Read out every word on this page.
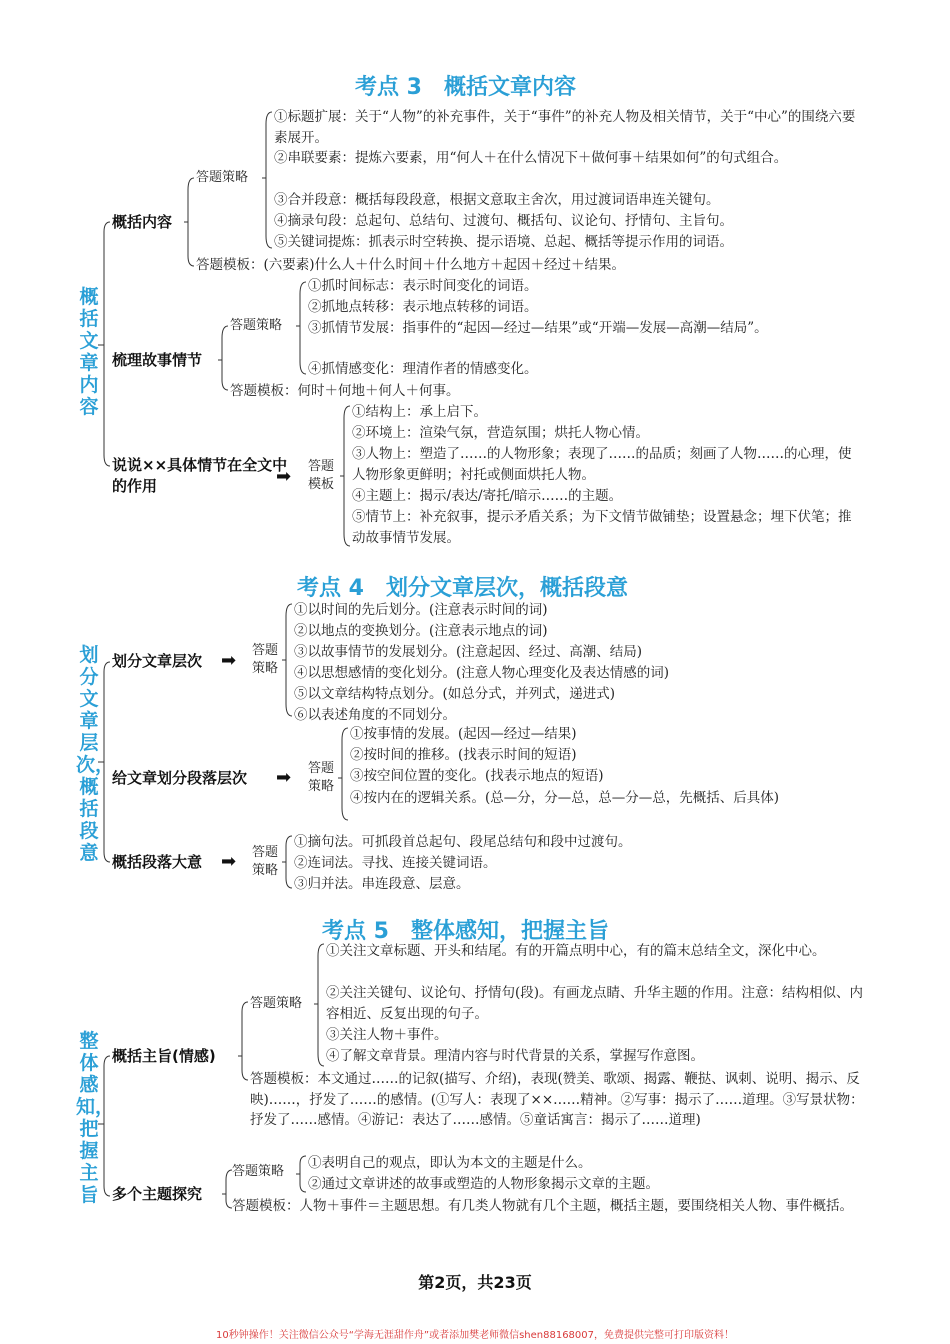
考点 3　概括文章内容
概括文章内容
概括内容
答题策略
①标题扩展：关于“人物”的补充事件，关于“事件”的补充人物及相关情节，关于“中心”的围绕六要素展开。
②串联要素：提炼六要素，用“何人＋在什么情况下＋做何事＋结果如何”的句式组合。
③合并段意：概括每段段意，根据文意取主舍次，用过渡词语串连关键句。
④摘录句段：总起句、总结句、过渡句、概括句、议论句、抒情句、主旨句。
⑤关键词提炼：抓表示时空转换、提示语境、总起、概括等提示作用的词语。
答题模板：(六要素)什么人＋什么时间＋什么地方＋起因＋经过＋结果。
梳理故事情节
答题策略
①抓时间标志：表示时间变化的词语。
②抓地点转移：表示地点转移的词语。
③抓情节发展：指事件的“起因—经过—结果”或“开端—发展—高潮—结局”。
④抓情感变化：理清作者的情感变化。
答题模板：何时＋何地＋何人＋何事。
说说××具体情节在全文中的作用	➡ 答题模板
①结构上：承上启下。
②环境上：渲染气氛，营造氛围；烘托人物心情。
③人物上：塑造了……的人物形象；表现了……的品质；刻画了人物……的心理，使人物形象更鲜明；衬托或侧面烘托人物。
④主题上：揭示/表达/寄托/暗示……的主题。
⑤情节上：补充叙事，提示矛盾关系；为下文情节做铺垫；设置悬念；埋下伏笔；推动故事情节发展。
考点 4　划分文章层次，概括段意
划分文章层次，概括段意
划分文章层次 ➡ 答题策略
①以时间的先后划分。(注意表示时间的词)
②以地点的变换划分。(注意表示地点的词)
③以故事情节的发展划分。(注意起因、经过、高潮、结局)
④以思想感情的变化划分。(注意人物心理变化及表达情感的词)
⑤以文章结构特点划分。(如总分式，并列式，递进式)
⑥以表述角度的不同划分。
给文章划分段落层次 ➡ 答题策略
①按事情的发展。(起因—经过—结果)
②按时间的推移。(找表示时间的短语)
③按空间位置的变化。(找表示地点的短语)
④按内在的逻辑关系。(总—分，分—总，总—分—总，先概括、后具体)
概括段落大意 ➡ 答题策略
①摘句法。可抓段首总起句、段尾总结句和段中过渡句。
②连词法。寻找、连接关键词语。
③归并法。串连段意、层意。
考点 5　整体感知，把握主旨
整体感知，把握主旨
概括主旨(情感)
答题策略
①关注文章标题、开头和结尾。有的开篇点明中心，有的篇末总结全文，深化中心。
②关注关键句、议论句、抒情句(段)。有画龙点睛、升华主题的作用。注意：结构相似、内容相近、反复出现的句子。
③关注人物＋事件。
④了解文章背景。理清内容与时代背景的关系，掌握写作意图。
答题模板：本文通过……的记叙(描写、介绍)，表现(赞美、歌颂、揭露、鞭挞、讽刺、说明、揭示、反映)……，抒发了……的感情。(①写人：表现了××……精神。②写事：揭示了……道理。③写景状物：抒发了……感情。④游记：表达了……感情。⑤童话寓言：揭示了……道理)
多个主题探究
答题策略
①表明自己的观点，即认为本文的主题是什么。
②通过文章讲述的故事或塑造的人物形象揭示文章的主题。
答题模板：人物＋事件＝主题思想。有几类人物就有几个主题，概括主题，要围绕相关人物、事件概括。
第2页，共23页
10秒钟操作！关注微信公众号“学海无涯甜作舟”或者添加樊老师微信shen88168007，免费提供完整可打印版资料！
